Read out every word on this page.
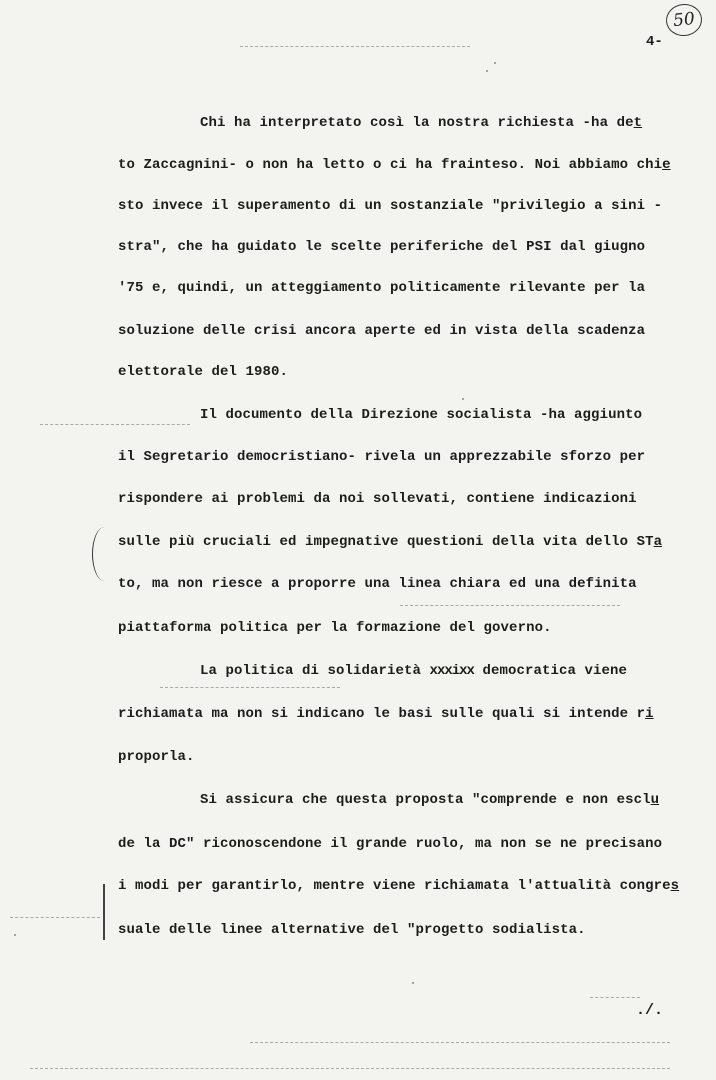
50
4-
Chi ha interpretato così la nostra richiesta -ha det
to Zaccagnini- o non ha letto o ci ha frainteso. Noi abbiamo chie
sto invece il superamento di un sostanziale "privilegio a sini -
stra", che ha guidato le scelte periferiche del PSI dal giugno
'75 e, quindi, un atteggiamento politicamente rilevante per la
soluzione delle crisi ancora aperte ed in vista della scadenza
elettorale del 1980.
Il documento della Direzione socialista -ha aggiunto
il Segretario democristiano- rivela un apprezzabile sforzo per
rispondere ai problemi da noi sollevati, contiene indicazioni
sulle più cruciali ed impegnative questioni della vita dello STa
to, ma non riesce a proporre una linea chiara ed una definita
piattaforma politica per la formazione del governo.
La politica di solidarietà xxxixx democratica viene
richiamata ma non si indicano le basi sulle quali si intende ri
proporla.
Si assicura che questa proposta "comprende e non esclu
de la DC" riconoscendone il grande ruolo, ma non se ne precisano
i modi per garantirlo, mentre viene richiamata l'attualità congres
suale delle linee alternative del "progetto sodialista.
./.
